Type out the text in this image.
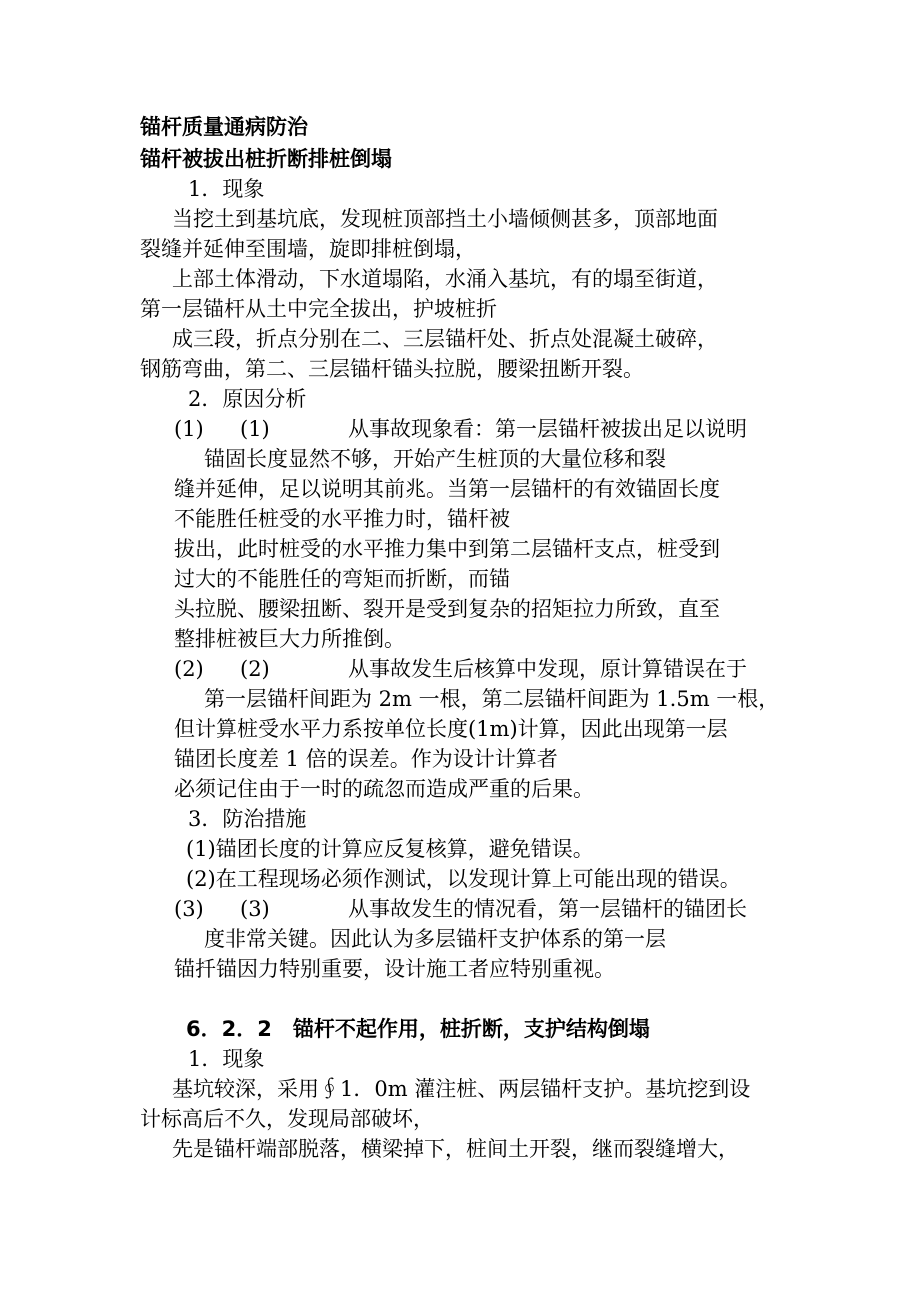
锚杆质量通病防治
锚杆被拔出桩折断排桩倒塌
1．现象
当挖土到基坑底，发现桩顶部挡土小墙倾侧甚多，顶部地面
裂缝并延伸至围墙，旋即排桩倒塌，
上部土体滑动，下水道塌陷，水涌入基坑，有的塌至街道，
第一层锚杆从土中完全拔出，护坡桩折
成三段，折点分别在二、三层锚杆处、折点处混凝土破碎，
钢筋弯曲，第二、三层锚杆锚头拉脱，腰梁扭断开裂。
2．原因分析
(1) (1)	从事故现象看：第一层锚杆被拔出足以说明
锚固长度显然不够，开始产生桩顶的大量位移和裂
缝并延伸，足以说明其前兆。当第一层锚杆的有效锚固长度
不能胜任桩受的水平推力时，锚杆被
拔出，此时桩受的水平推力集中到第二层锚杆支点，桩受到
过大的不能胜任的弯矩而折断，而锚
头拉脱、腰梁扭断、裂开是受到复杂的招矩拉力所致，直至
整排桩被巨大力所推倒。
(2) (2)	从事故发生后核算中发现，原计算错误在于
第一层锚杆间距为 2m 一根，第二层锚杆间距为 1.5m 一根，
但计算桩受水平力系按单位长度(1m)计算，因此出现第一层
锚团长度差 1 倍的误差。作为设计计算者
必须记住由于一时的疏忽而造成严重的后果。
3．防治措施
(1)锚团长度的计算应反复核算，避免错误。
(2)在工程现场必须作测试，以发现计算上可能出现的错误。
(3) (3)	从事故发生的情况看，第一层锚杆的锚团长
度非常关键。因此认为多层锚杆支护体系的第一层
锚扦锚因力特别重要，设计施工者应特别重视。
6．2．2　锚杆不起作用，桩折断，支护结构倒塌
1．现象
基坑较深，采用∮1．0m 灌注桩、两层锚杆支护。基坑挖到设
计标高后不久，发现局部破坏，
先是锚杆端部脱落，横梁掉下，桩间土开裂，继而裂缝增大，
